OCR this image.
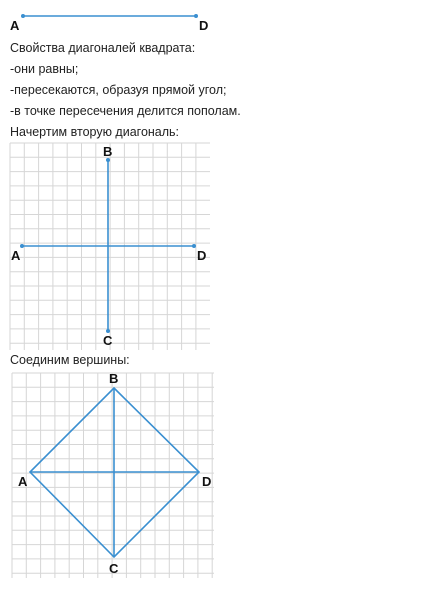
A	D
Свойства диагоналей квадрата:
-они равны;
-пересекаются, образуя прямой угол;
-в точке пересечения делится пополам.
Начертим вторую диагональ:
B
A	D
C
Соединим вершины:
B
A	D
C
